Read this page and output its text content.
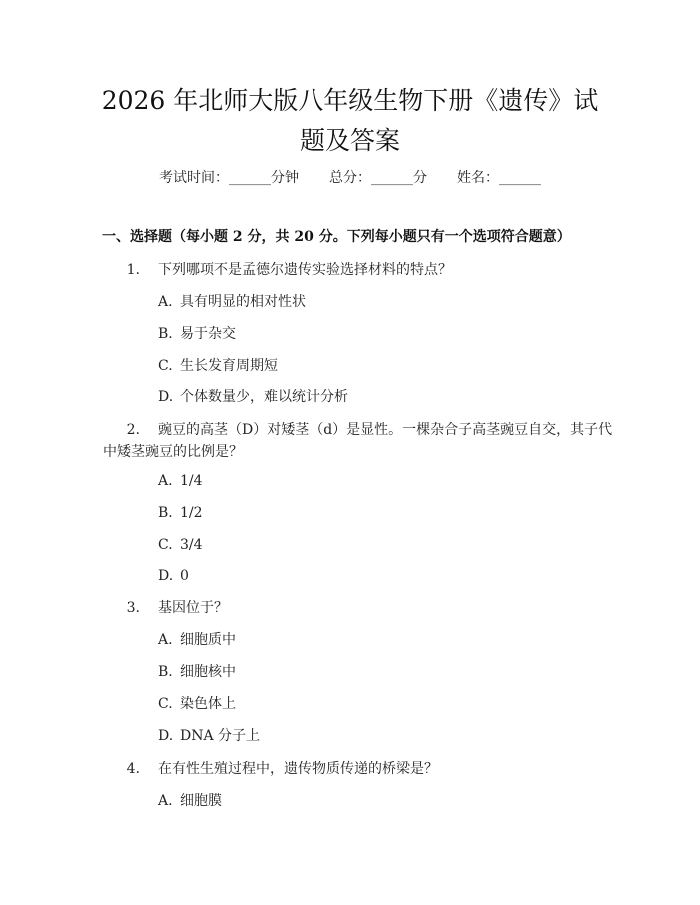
2026 年北师大版八年级生物下册《遗传》试
题及答案
考试时间：______分钟 总分：______分 姓名：______
一、选择题（每小题 2 分，共 20 分。下列每小题只有一个选项符合题意）
1. 下列哪项不是孟德尔遗传实验选择材料的特点？
A. 具有明显的相对性状
B. 易于杂交
C. 生长发育周期短
D. 个体数量少，难以统计分析
2. 豌豆的高茎（D）对矮茎（d）是显性。一棵杂合子高茎豌豆自交，其子代
中矮茎豌豆的比例是？
A. 1/4
B. 1/2
C. 3/4
D. 0
3. 基因位于？
A. 细胞质中
B. 细胞核中
C. 染色体上
D. DNA 分子上
4. 在有性生殖过程中，遗传物质传递的桥梁是？
A. 细胞膜
